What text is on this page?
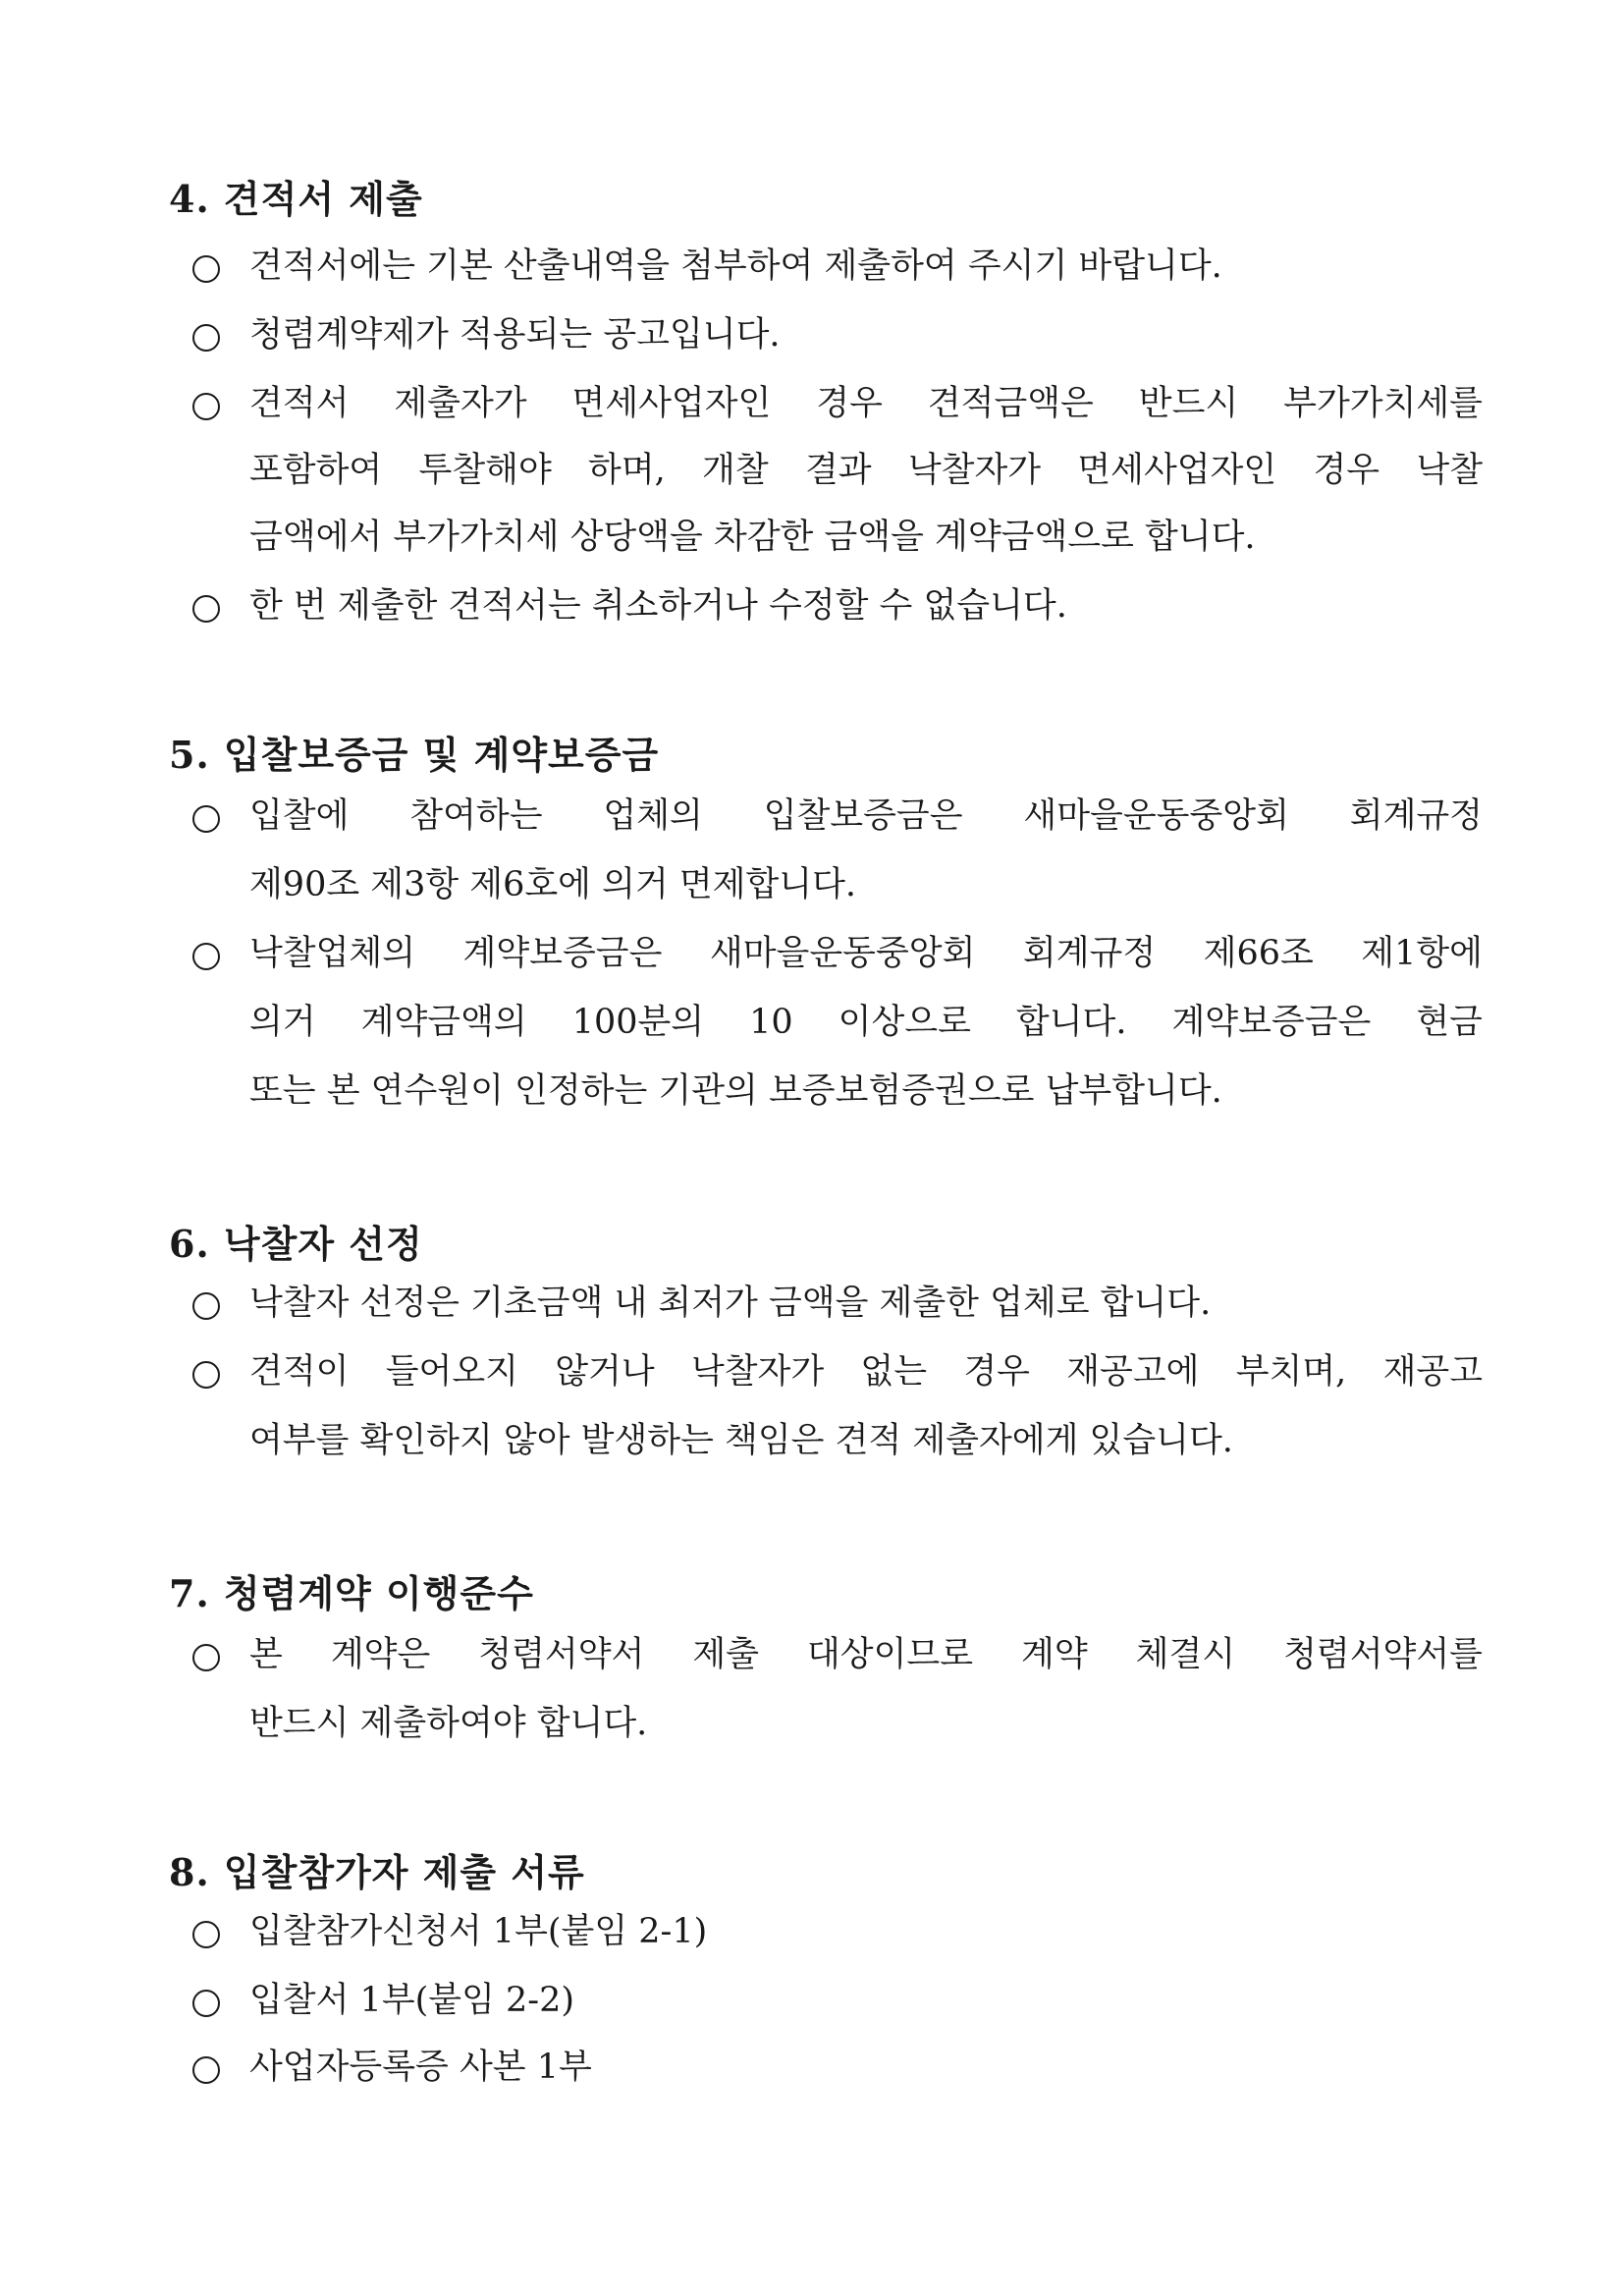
4. 견적서 제출
견적서에는 기본 산출내역을 첨부하여 제출하여 주시기 바랍니다.
청렴계약제가 적용되는 공고입니다.
견적서 제출자가 면세사업자인 경우 견적금액은 반드시 부가가치세를
포함하여 투찰해야 하며, 개찰 결과 낙찰자가 면세사업자인 경우 낙찰
금액에서 부가가치세 상당액을 차감한 금액을 계약금액으로 합니다.
한 번 제출한 견적서는 취소하거나 수정할 수 없습니다.
5. 입찰보증금 및 계약보증금
입찰에 참여하는 업체의 입찰보증금은 새마을운동중앙회 회계규정
제90조 제3항 제6호에 의거 면제합니다.
낙찰업체의 계약보증금은 새마을운동중앙회 회계규정 제66조 제1항에
의거 계약금액의 100분의 10 이상으로 합니다. 계약보증금은 현금
또는 본 연수원이 인정하는 기관의 보증보험증권으로 납부합니다.
6. 낙찰자 선정
낙찰자 선정은 기초금액 내 최저가 금액을 제출한 업체로 합니다.
견적이 들어오지 않거나 낙찰자가 없는 경우 재공고에 부치며, 재공고
여부를 확인하지 않아 발생하는 책임은 견적 제출자에게 있습니다.
7. 청렴계약 이행준수
본 계약은 청렴서약서 제출 대상이므로 계약 체결시 청렴서약서를
반드시 제출하여야 합니다.
8. 입찰참가자 제출 서류
입찰참가신청서 1부(붙임 2-1)
입찰서 1부(붙임 2-2)
사업자등록증 사본 1부
